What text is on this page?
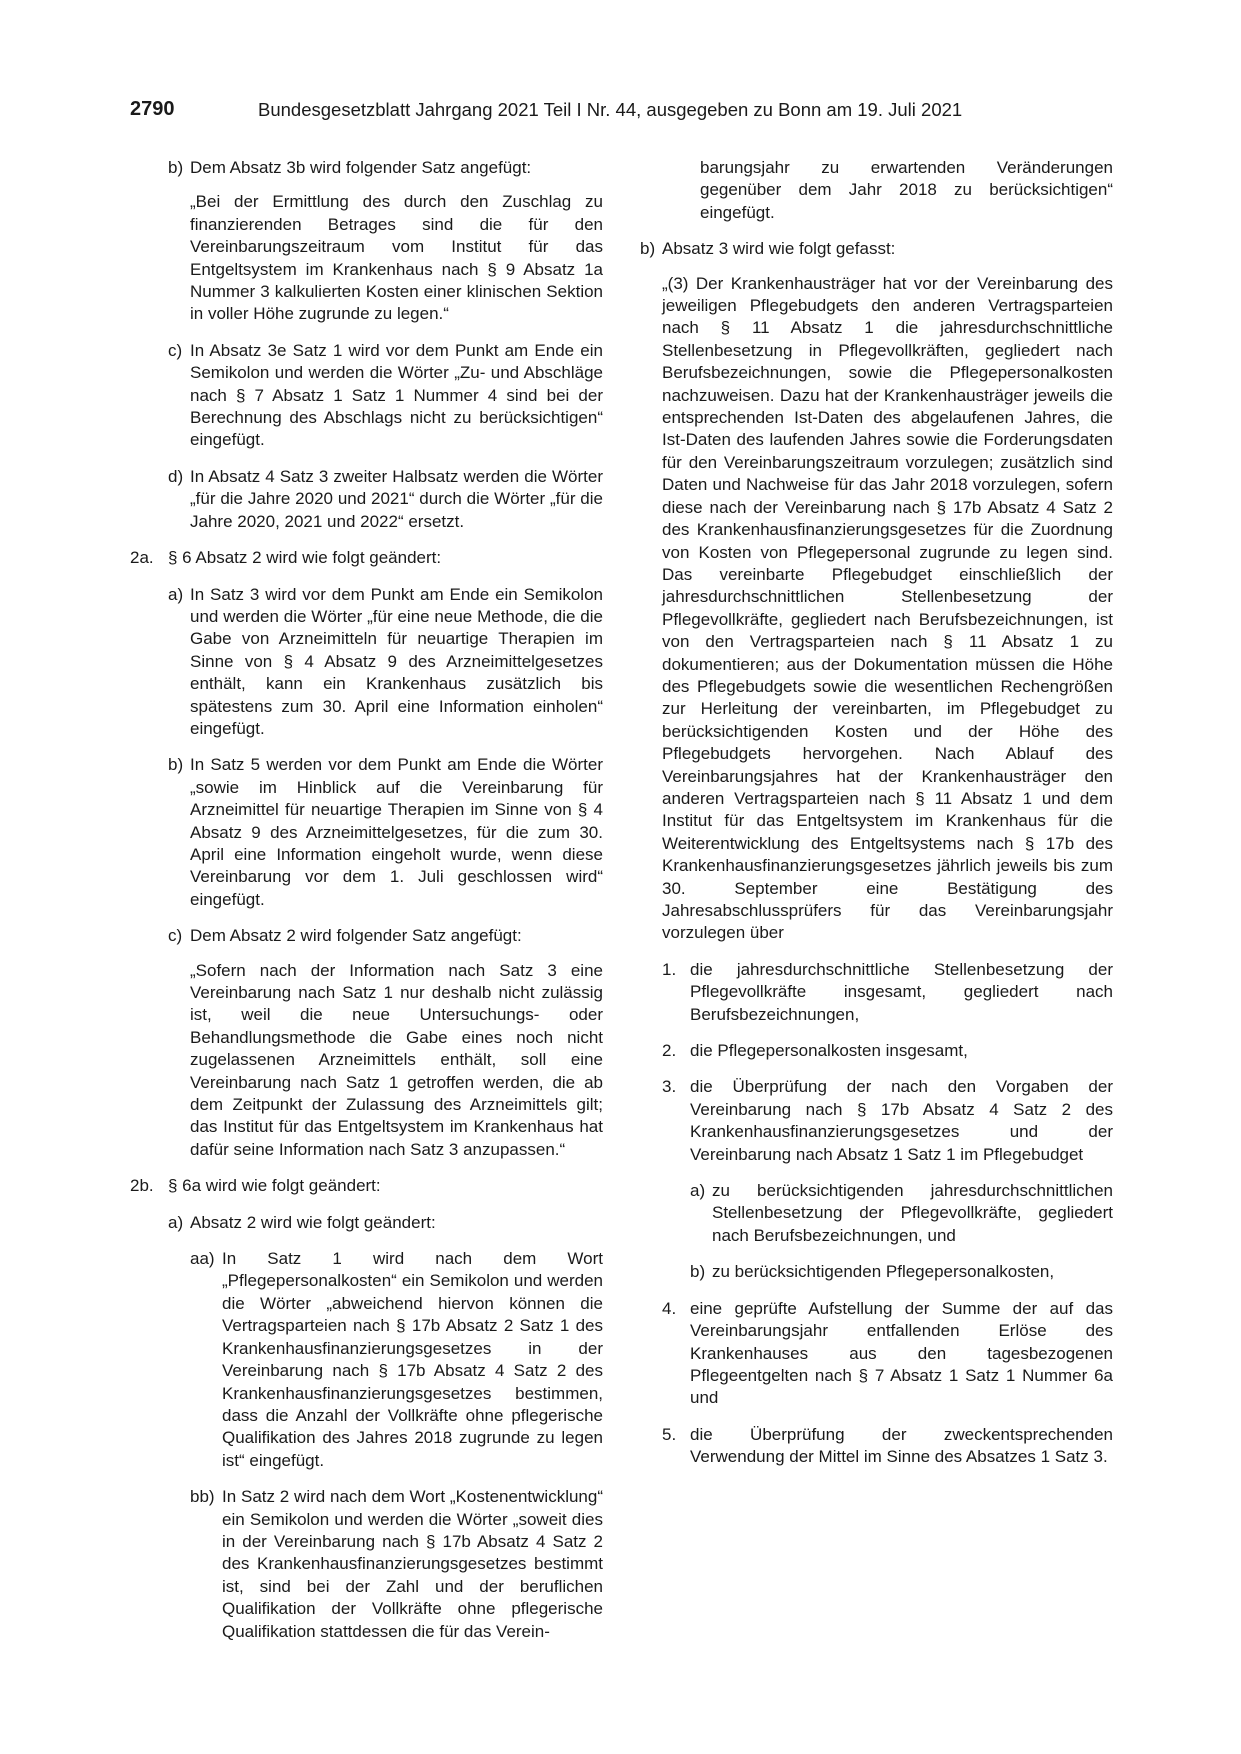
2790	Bundesgesetzblatt Jahrgang 2021 Teil I Nr. 44, ausgegeben zu Bonn am 19. Juli 2021
b) Dem Absatz 3b wird folgender Satz angefügt:

„Bei der Ermittlung des durch den Zuschlag zu finanzierenden Betrages sind die für den Vereinbarungszeitraum vom Institut für das Entgeltsystem im Krankenhaus nach § 9 Absatz 1a Nummer 3 kalkulierten Kosten einer klinischen Sektion in voller Höhe zugrunde zu legen.“

c) In Absatz 3e Satz 1 wird vor dem Punkt am Ende ein Semikolon und werden die Wörter „Zu- und Abschläge nach § 7 Absatz 1 Satz 1 Nummer 4 sind bei der Berechnung des Abschlags nicht zu berücksichtigen“ eingefügt.

d) In Absatz 4 Satz 3 zweiter Halbsatz werden die Wörter „für die Jahre 2020 und 2021“ durch die Wörter „für die Jahre 2020, 2021 und 2022“ ersetzt.

2a. § 6 Absatz 2 wird wie folgt geändert:

a) In Satz 3 wird vor dem Punkt am Ende ein Semikolon und werden die Wörter „für eine neue Methode, die die Gabe von Arzneimitteln für neuartige Therapien im Sinne von § 4 Absatz 9 des Arzneimittelgesetzes enthält, kann ein Krankenhaus zusätzlich bis spätestens zum 30. April eine Information einholen“ eingefügt.

b) In Satz 5 werden vor dem Punkt am Ende die Wörter „sowie im Hinblick auf die Vereinbarung für Arzneimittel für neuartige Therapien im Sinne von § 4 Absatz 9 des Arzneimittelgesetzes, für die zum 30. April eine Information eingeholt wurde, wenn diese Vereinbarung vor dem 1. Juli geschlossen wird“ eingefügt.

c) Dem Absatz 2 wird folgender Satz angefügt:

„Sofern nach der Information nach Satz 3 eine Vereinbarung nach Satz 1 nur deshalb nicht zulässig ist, weil die neue Untersuchungs- oder Behandlungsmethode die Gabe eines noch nicht zugelassenen Arzneimittels enthält, soll eine Vereinbarung nach Satz 1 getroffen werden, die ab dem Zeitpunkt der Zulassung des Arzneimittels gilt; das Institut für das Entgeltsystem im Krankenhaus hat dafür seine Information nach Satz 3 anzupassen.“

2b. § 6a wird wie folgt geändert:

a) Absatz 2 wird wie folgt geändert:

aa) In Satz 1 wird nach dem Wort „Pflegepersonalkosten“ ein Semikolon und werden die Wörter „abweichend hiervon können die Vertragsparteien nach § 17b Absatz 2 Satz 1 des Krankenhausfinanzierungsgesetzes in der Vereinbarung nach § 17b Absatz 4 Satz 2 des Krankenhausfinanzierungsgesetzes bestimmen, dass die Anzahl der Vollkräfte ohne pflegerische Qualifikation des Jahres 2018 zugrunde zu legen ist“ eingefügt.

bb) In Satz 2 wird nach dem Wort „Kostenentwicklung“ ein Semikolon und werden die Wörter „soweit dies in der Vereinbarung nach § 17b Absatz 4 Satz 2 des Krankenhausfinanzierungsgesetzes bestimmt ist, sind bei der Zahl und der beruflichen Qualifikation der Vollkräfte ohne pflegerische Qualifikation stattdessen die für das Verein-

barungsjahr zu erwartenden Veränderungen gegenüber dem Jahr 2018 zu berücksichtigen“ eingefügt.

b) Absatz 3 wird wie folgt gefasst:

„(3) Der Krankenhausträger hat vor der Vereinbarung des jeweiligen Pflegebudgets den anderen Vertragsparteien nach § 11 Absatz 1 die jahresdurchschnittliche Stellenbesetzung in Pflegevollkräften, gegliedert nach Berufsbezeichnungen, sowie die Pflegepersonalkosten nachzuweisen. Dazu hat der Krankenhausträger jeweils die entsprechenden Ist-Daten des abgelaufenen Jahres, die Ist-Daten des laufenden Jahres sowie die Forderungsdaten für den Vereinbarungszeitraum vorzulegen; zusätzlich sind Daten und Nachweise für das Jahr 2018 vorzulegen, sofern diese nach der Vereinbarung nach § 17b Absatz 4 Satz 2 des Krankenhausfinanzierungsgesetzes für die Zuordnung von Kosten von Pflegepersonal zugrunde zu legen sind. Das vereinbarte Pflegebudget einschließlich der jahresdurchschnittlichen Stellenbesetzung der Pflegevollkräfte, gegliedert nach Berufsbezeichnungen, ist von den Vertragsparteien nach § 11 Absatz 1 zu dokumentieren; aus der Dokumentation müssen die Höhe des Pflegebudgets sowie die wesentlichen Rechengrößen zur Herleitung der vereinbarten, im Pflegebudget zu berücksichtigenden Kosten und der Höhe des Pflegebudgets hervorgehen. Nach Ablauf des Vereinbarungsjahres hat der Krankenhausträger den anderen Vertragsparteien nach § 11 Absatz 1 und dem Institut für das Entgeltsystem im Krankenhaus für die Weiterentwicklung des Entgeltsystems nach § 17b des Krankenhausfinanzierungsgesetzes jährlich jeweils bis zum 30. September eine Bestätigung des Jahresabschlussprüfers für das Vereinbarungsjahr vorzulegen über

1. die jahresdurchschnittliche Stellenbesetzung der Pflegevollkräfte insgesamt, gegliedert nach Berufsbezeichnungen,

2. die Pflegepersonalkosten insgesamt,

3. die Überprüfung der nach den Vorgaben der Vereinbarung nach § 17b Absatz 4 Satz 2 des Krankenhausfinanzierungsgesetzes und der Vereinbarung nach Absatz 1 Satz 1 im Pflegebudget

a) zu berücksichtigenden jahresdurchschnittlichen Stellenbesetzung der Pflegevollkräfte, gegliedert nach Berufsbezeichnungen, und

b) zu berücksichtigenden Pflegepersonalkosten,

4. eine geprüfte Aufstellung der Summe der auf das Vereinbarungsjahr entfallenden Erlöse des Krankenhauses aus den tagesbezogenen Pflegeentgelten nach § 7 Absatz 1 Satz 1 Nummer 6a und

5. die Überprüfung der zweckentsprechenden Verwendung der Mittel im Sinne des Absatzes 1 Satz 3.
